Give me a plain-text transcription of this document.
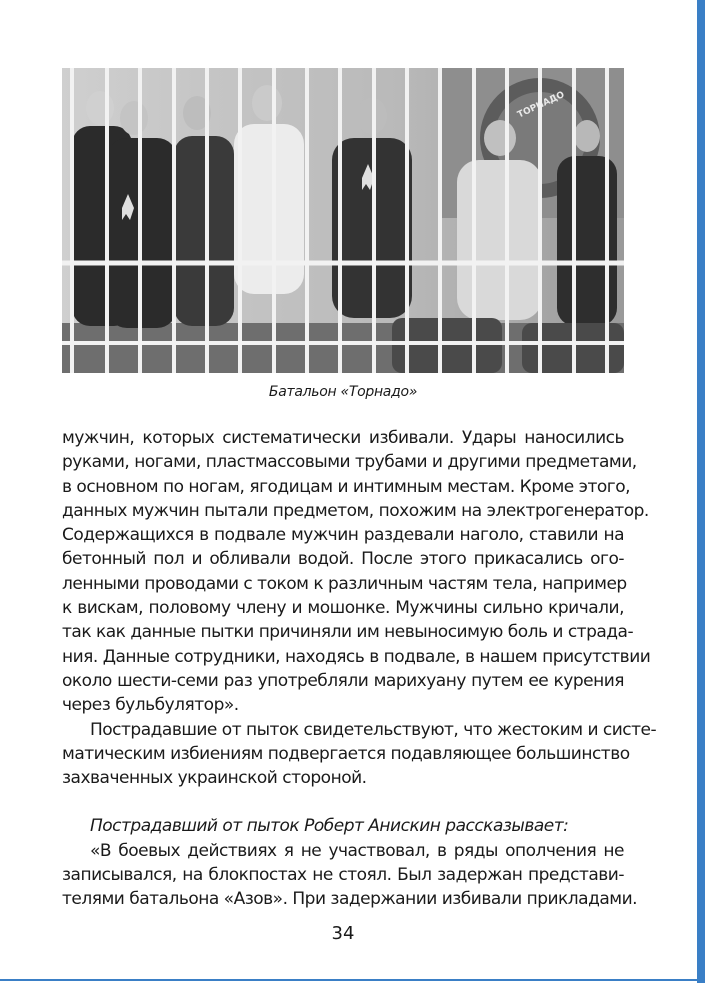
Батальон «Торнадо»
мужчин, которых систематически избивали. Удары наносились
руками, ногами, пластмассовыми трубами и другими предметами,
в основном по ногам, ягодицам и интимным местам. Кроме этого,
данных мужчин пытали предметом, похожим на электрогенератор.
Содержащихся в подвале мужчин раздевали наголо, ставили на
бетонный пол и обливали водой. После этого прикасались ого-
ленными проводами с током к различным частям тела, например
к вискам, половому члену и мошонке. Мужчины сильно кричали,
так как данные пытки причиняли им невыносимую боль и страда-
ния. Данные сотрудники, находясь в подвале, в нашем присутствии
около шести-семи раз употребляли марихуану путем ее курения
через бульбулятор».
Пострадавшие от пыток свидетельствуют, что жестоким и систе-
матическим избиениям подвергается подавляющее большинство
захваченных украинской стороной.
Пострадавший от пыток Роберт Анискин рассказывает:
«В боевых действиях я не участвовал, в ряды ополчения не
записывался, на блокпостах не стоял. Был задержан представи-
телями батальона «Азов». При задержании избивали прикладами.
34
